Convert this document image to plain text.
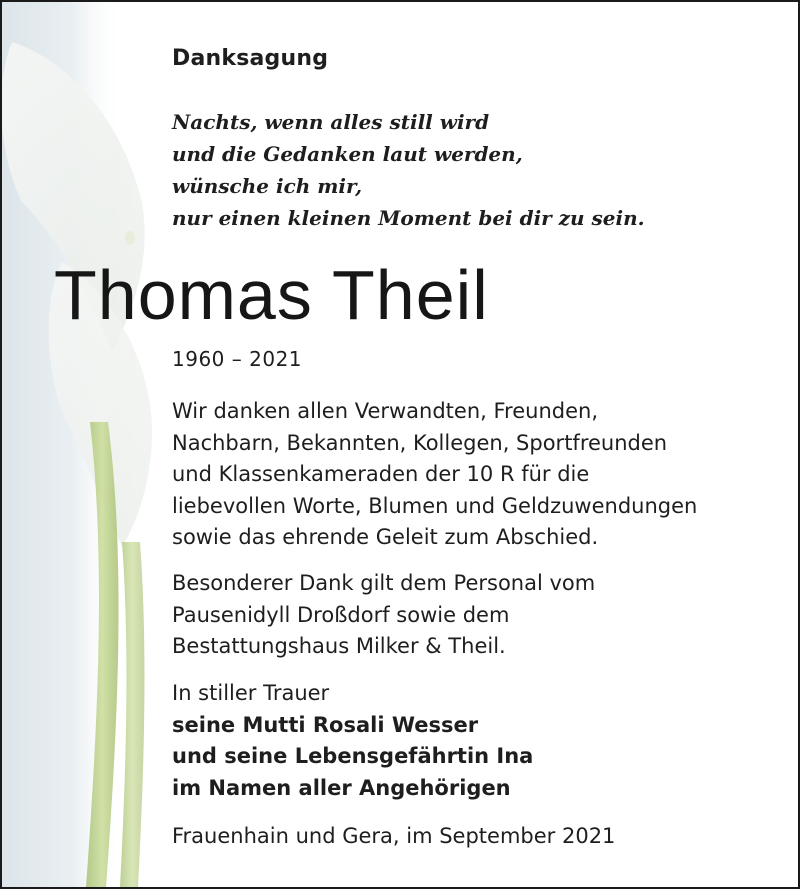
Danksagung
Nachts, wenn alles still wird
und die Gedanken laut werden,
wünsche ich mir,
nur einen kleinen Moment bei dir zu sein.
Thomas Theil
1960 – 2021
Wir danken allen Verwandten, Freunden,
Nachbarn, Bekannten, Kollegen, Sportfreunden
und Klassenkameraden der 10 R für die
liebevollen Worte, Blumen und Geldzuwendungen
sowie das ehrende Geleit zum Abschied.
Besonderer Dank gilt dem Personal vom
Pausenidyll Droßdorf sowie dem
Bestattungshaus Milker & Theil.
In stiller Trauer
seine Mutti Rosali Wesser
und seine Lebensgefährtin Ina
im Namen aller Angehörigen
Frauenhain und Gera, im September 2021
